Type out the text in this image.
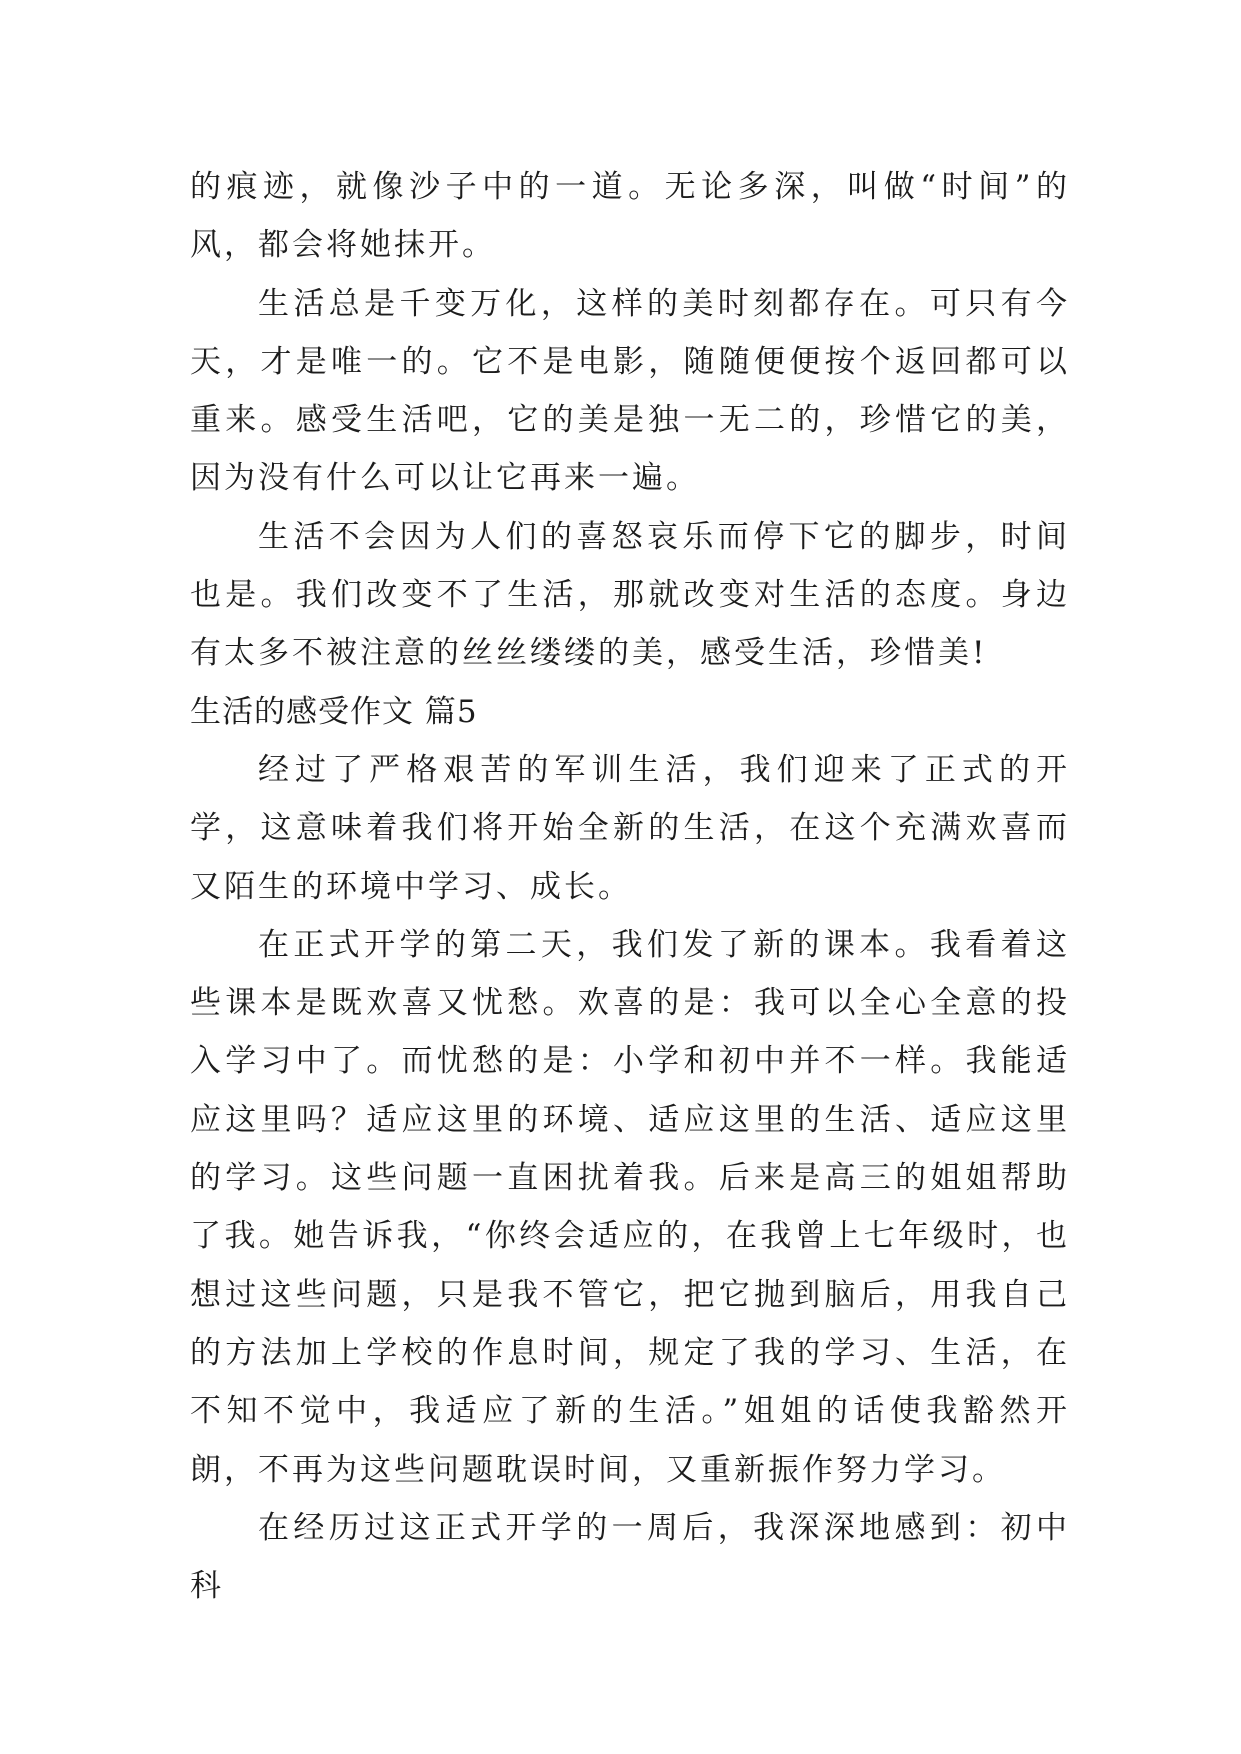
的痕迹，就像沙子中的一道。无论多深，叫做“时间”的风，都会将她抹开。

生活总是千变万化，这样的美时刻都存在。可只有今天，才是唯一的。它不是电影，随随便便按个返回都可以重来。感受生活吧，它的美是独一无二的，珍惜它的美，因为没有什么可以让它再来一遍。

生活不会因为人们的喜怒哀乐而停下它的脚步，时间也是。我们改变不了生活，那就改变对生活的态度。身边有太多不被注意的丝丝缕缕的美，感受生活，珍惜美!

生活的感受作文 篇5

经过了严格艰苦的军训生活，我们迎来了正式的开学，这意味着我们将开始全新的生活，在这个充满欢喜而又陌生的环境中学习、成长。

在正式开学的第二天，我们发了新的课本。我看着这些课本是既欢喜又忧愁。欢喜的是：我可以全心全意的投入学习中了。而忧愁的是：小学和初中并不一样。我能适应这里吗？适应这里的环境、适应这里的生活、适应这里的学习。这些问题一直困扰着我。后来是高三的姐姐帮助了我。她告诉我，“你终会适应的，在我曾上七年级时，也想过这些问题，只是我不管它，把它抛到脑后，用我自己的方法加上学校的作息时间，规定了我的学习、生活，在不知不觉中，我适应了新的生活。”姐姐的话使我豁然开朗，不再为这些问题耽误时间，又重新振作努力学习。

在经历过这正式开学的一周后，我深深地感到：初中科
